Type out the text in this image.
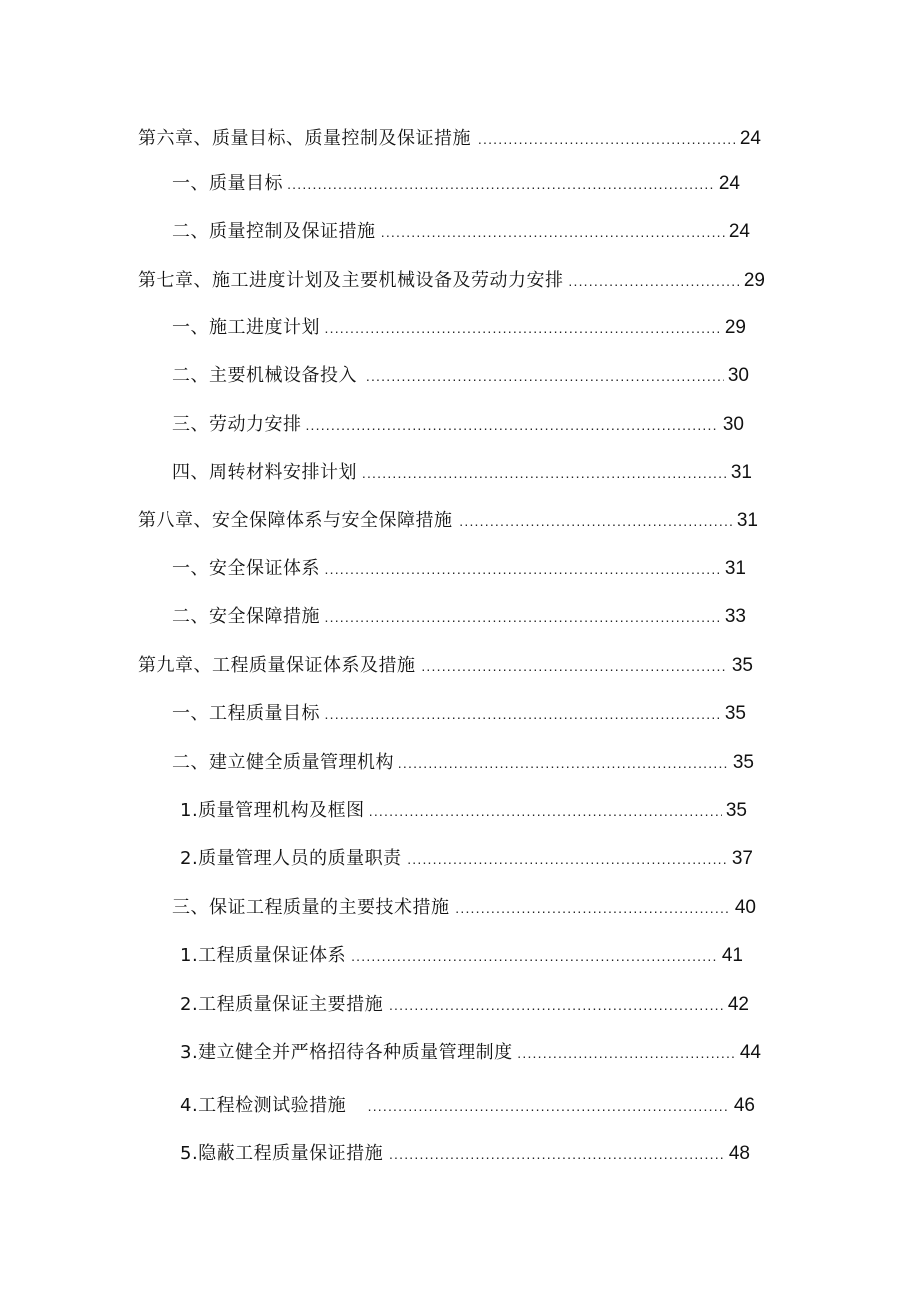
第六章、质量目标、质量控制及保证措施 .....	24
一、质量目标 .....	24
二、质量控制及保证措施 .....	24
第七章、施工进度计划及主要机械设备及劳动力安排 .....	29
一、施工进度计划 .....	29
二、主要机械设备投入 .....	30
三、劳动力安排 .....	30
四、周转材料安排计划 .....	31
第八章、安全保障体系与安全保障措施 .....	31
一、安全保证体系 .....	31
二、安全保障措施 .....	33
第九章、工程质量保证体系及措施 .....	35
一、工程质量目标 .....	35
二、建立健全质量管理机构 .....	35
1.质量管理机构及框图 .....	35
2.质量管理人员的质量职责 .....	37
三、保证工程质量的主要技术措施 .....	40
1.工程质量保证体系 .....	41
2.工程质量保证主要措施 .....	42
3.建立健全并严格招待各种质量管理制度 .....	44
4.工程检测试验措施 .....	46
5.隐蔽工程质量保证措施 .....	48
